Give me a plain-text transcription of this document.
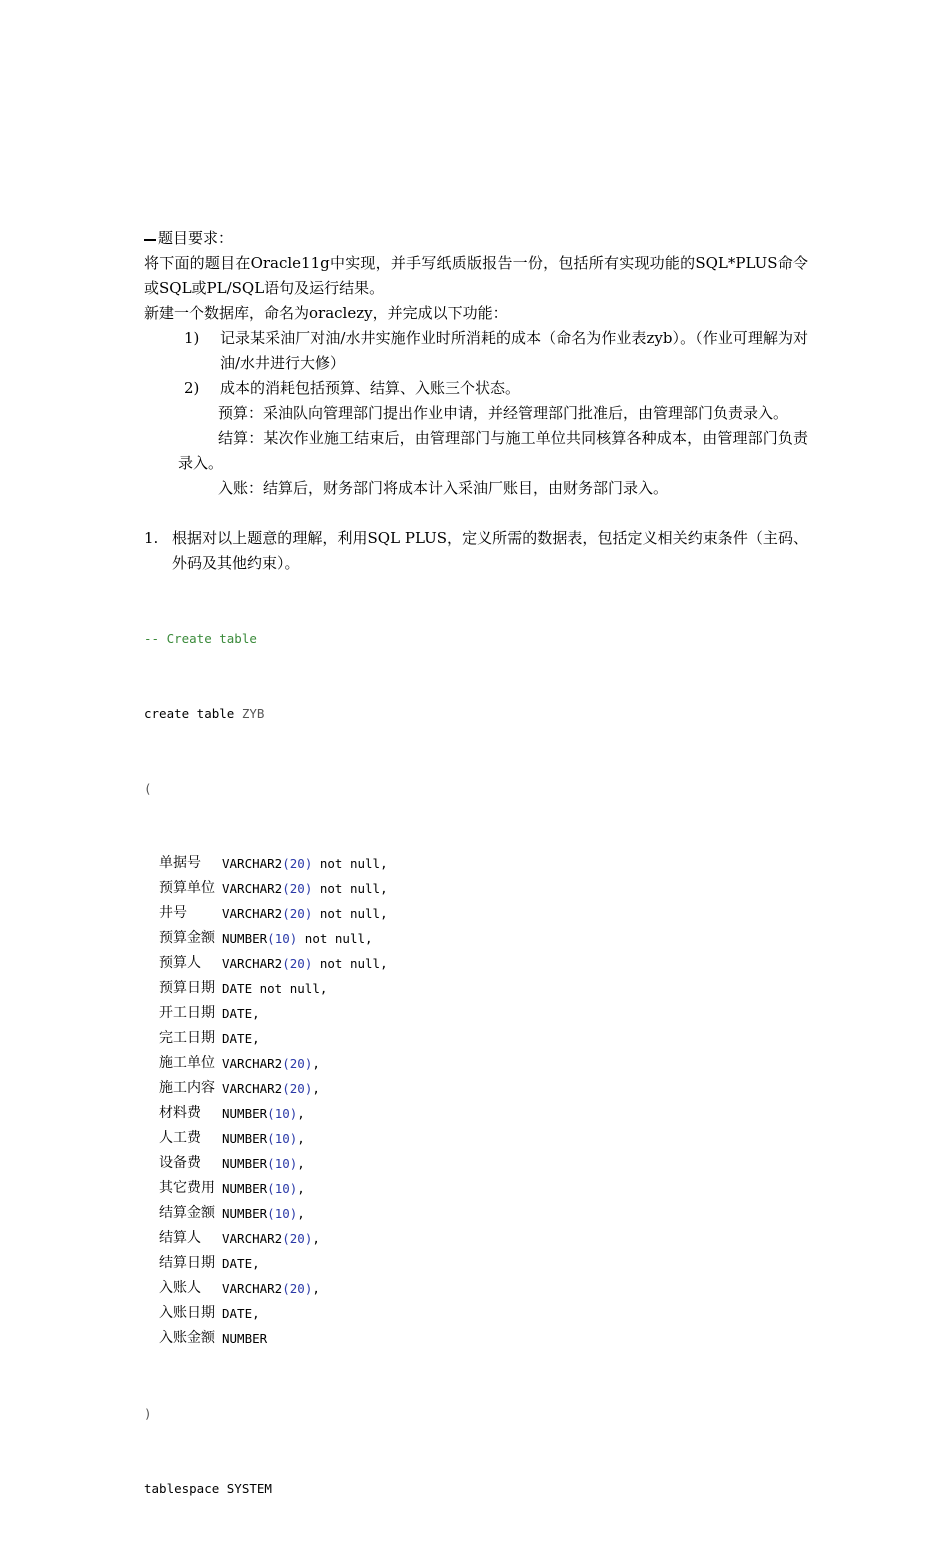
题目要求：

将下面的题目在Oracle11g中实现，并手写纸质版报告一份，包括所有实现功能的SQL*PLUS命令或SQL或PL/SQL语句及运行结果。

新建一个数据库，命名为oraclezy，并完成以下功能：

1)	记录某采油厂对油/水井实施作业时所消耗的成本（命名为作业表zyb）。（作业可理解为对油/水井进行大修）
2)	成本的消耗包括预算、结算、入账三个状态。

预算：采油队向管理部门提出作业申请，并经管理部门批准后，由管理部门负责录入。

结算：某次作业施工结束后，由管理部门与施工单位共同核算各种成本，由管理部门负责录入。

入账：结算后，财务部门将成本计入采油厂账目，由财务部门录入。

1. 根据对以上题意的理解，利用SQL PLUS，定义所需的数据表，包括定义相关约束条件（主码、外码及其他约束）。

-- Create table

create table ZYB

(

单据号	VARCHAR2 ( 20 ) not null,
预算单位 VARCHAR2 ( 20 ) not null,
井号	VARCHAR2 ( 20 ) not null,
预算金额 NUMBER ( 10 ) not null,
预算人	VARCHAR2 ( 20 ) not null,
预算日期 DATE not null,
开工日期 DATE ,
完工日期 DATE ,
施工单位 VARCHAR2 ( 20 ) ,
施工内容 VARCHAR2 ( 20 ) ,
材料费	NUMBER ( 10 ) ,
人工费	NUMBER ( 10 ) ,
设备费	NUMBER ( 10 ) ,
其它费用 NUMBER ( 10 ) ,
结算金额 NUMBER ( 10 ) ,
结算人	VARCHAR2 ( 20 ) ,
结算日期 DATE ,
入账人	VARCHAR2 ( 20 ) ,
入账日期 DATE ,
入账金额 NUMBER

)

tablespace SYSTEM
